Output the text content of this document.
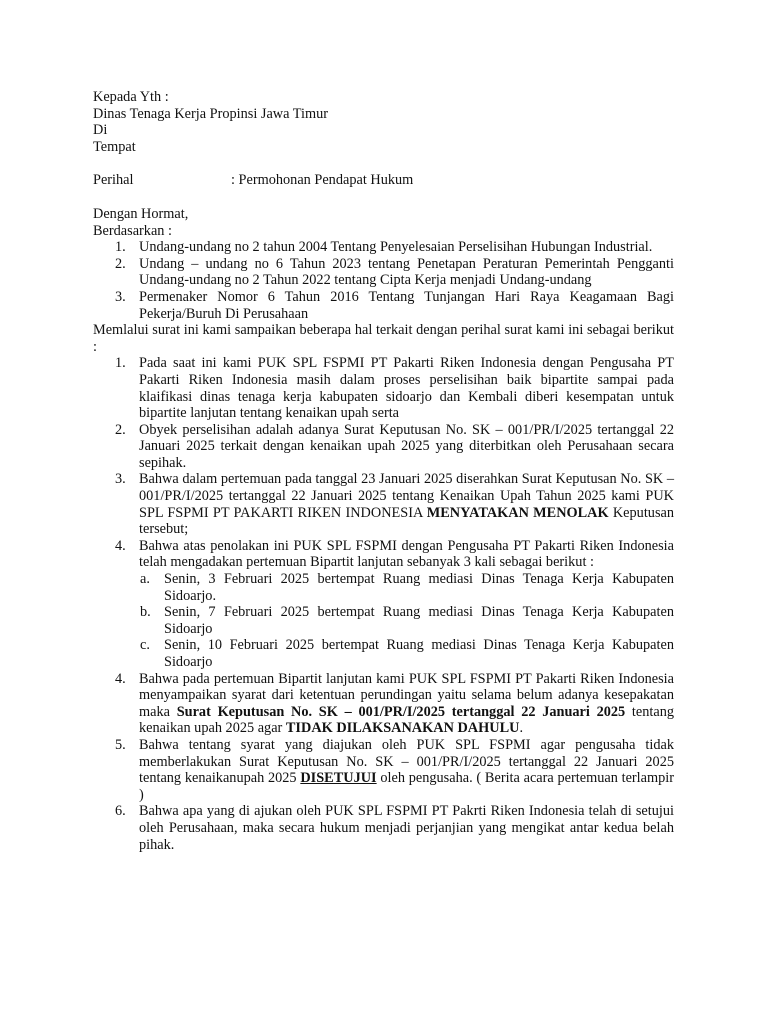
Kepada Yth :

Dinas Tenaga Kerja Propinsi Jawa Timur

Di

Tempat

Perihal	: Permohonan Pendapat Hukum

Dengan Hormat,

Berdasarkan :

1. Undang-undang no 2 tahun 2004 Tentang Penyelesaian Perselisihan Hubungan Industrial.
2. Undang – undang no 6 Tahun 2023 tentang Penetapan Peraturan Pemerintah Pengganti Undang-undang no 2 Tahun 2022 tentang Cipta Kerja menjadi Undang-undang
3. Permenaker Nomor 6 Tahun 2016 Tentang Tunjangan Hari Raya Keagamaan Bagi Pekerja/Buruh Di Perusahaan

Memlalui surat ini kami sampaikan beberapa hal terkait dengan perihal surat kami ini sebagai berikut :

1. Pada saat ini kami PUK SPL FSPMI PT Pakarti Riken Indonesia dengan Pengusaha PT Pakarti Riken Indonesia masih dalam proses perselisihan baik bipartite sampai pada klaifikasi dinas tenaga kerja kabupaten sidoarjo dan Kembali diberi kesempatan untuk bipartite lanjutan tentang kenaikan upah serta
2. Obyek perselisihan adalah adanya Surat Keputusan No. SK – 001/PR/I/2025 tertanggal 22 Januari 2025 terkait dengan kenaikan upah 2025 yang diterbitkan oleh Perusahaan secara sepihak.
3. Bahwa dalam pertemuan pada tanggal 23 Januari 2025 diserahkan Surat Keputusan No. SK – 001/PR/I/2025 tertanggal 22 Januari 2025 tentang Kenaikan Upah Tahun 2025 kami PUK SPL FSPMI PT PAKARTI RIKEN INDONESIA MENYATAKAN MENOLAK Keputusan tersebut;
4. Bahwa atas penolakan ini PUK SPL FSPMI dengan Pengusaha PT Pakarti Riken Indonesia telah mengadakan pertemuan Bipartit lanjutan sebanyak 3 kali sebagai berikut :
a. Senin, 3 Februari 2025 bertempat Ruang mediasi Dinas Tenaga Kerja Kabupaten Sidoarjo.
b. Senin, 7 Februari 2025 bertempat Ruang mediasi Dinas Tenaga Kerja Kabupaten Sidoarjo
c. Senin, 10 Februari 2025 bertempat Ruang mediasi Dinas Tenaga Kerja Kabupaten Sidoarjo
4. Bahwa pada pertemuan Bipartit lanjutan kami PUK SPL FSPMI PT Pakarti Riken Indonesia menyampaikan syarat dari ketentuan perundingan yaitu selama belum adanya kesepakatan maka Surat Keputusan No. SK – 001/PR/I/2025 tertanggal 22 Januari 2025 tentang kenaikan upah 2025 agar TIDAK DILAKSANAKAN DAHULU.
5. Bahwa tentang syarat yang diajukan oleh PUK SPL FSPMI agar pengusaha tidak memberlakukan Surat Keputusan No. SK – 001/PR/I/2025 tertanggal 22 Januari 2025 tentang kenaikanupah 2025 DISETUJUI oleh pengusaha. ( Berita acara pertemuan terlampir )
6. Bahwa apa yang di ajukan oleh PUK SPL FSPMI PT Pakrti Riken Indonesia telah di setujui oleh Perusahaan, maka secara hukum menjadi perjanjian yang mengikat antar kedua belah pihak.
